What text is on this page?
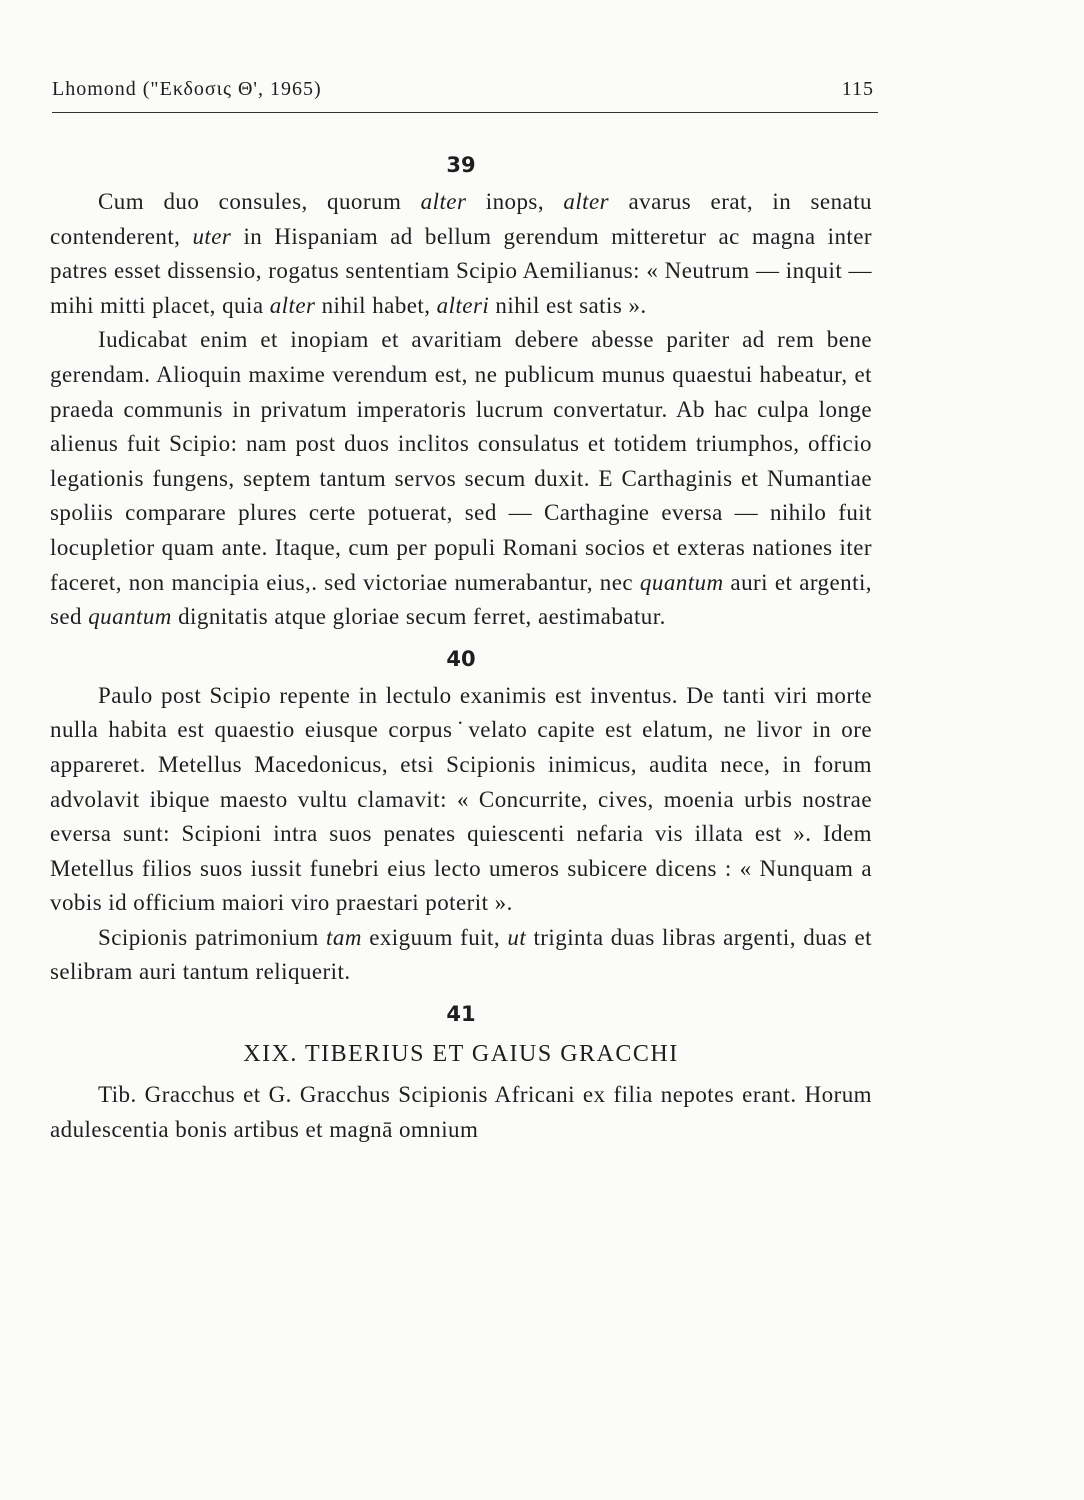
Lhomond ("Εκδοσις Θ', 1965)	115
39

Cum duo consules, quorum alter inops, alter avarus erat, in senatu contenderent, uter in Hispaniam ad bellum gerendum mitteretur ac magna inter patres esset dissensio, rogatus sententiam Scipio Aemilianus: « Neutrum — inquit — mihi mitti placet, quia alter nihil habet, alteri nihil est satis ».

Iudicabat enim et inopiam et avaritiam debere abesse pariter ad rem bene gerendam. Alioquin maxime verendum est, ne publicum munus quaestui habeatur, et praeda communis in privatum imperatoris lucrum convertatur. Ab hac culpa longe alienus fuit Scipio: nam post duos inclitos consulatus et totidem triumphos, officio legationis fungens, septem tantum servos secum duxit. E Carthaginis et Numantiae spoliis comparare plures certe potuerat, sed — Carthagine eversa — nihilo fuit locupletior quam ante. Itaque, cum per populi Romani socios et exteras nationes iter faceret, non mancipia eius,. sed victoriae numerabantur, nec quantum auri et argenti, sed quantum dignitatis atque gloriae secum ferret, aestimabatur.

40

Paulo post Scipio repente in lectulo exanimis est inventus. De tanti viri morte nulla habita est quaestio eiusque corpus˙velato capite est elatum, ne livor in ore appareret. Metellus Macedonicus, etsi Scipionis inimicus, audita nece, in forum advolavit ibique maesto vultu clamavit: « Concurrite, cives, moenia urbis nostrae eversa sunt: Scipioni intra suos penates quiescenti nefaria vis illata est ». Idem Metellus filios suos iussit funebri eius lecto umeros subicere dicens : « Nunquam a vobis id officium maiori viro praestari poterit ».

Scipionis patrimonium tam exiguum fuit, ut triginta duas libras argenti, duas et selibram auri tantum reliquerit.

41
XIX. TIBERIUS ET GAIUS GRACCHI

Tib. Gracchus et G. Gracchus Scipionis Africani ex filia nepotes erant. Horum adulescentia bonis artibus et magnā omnium
